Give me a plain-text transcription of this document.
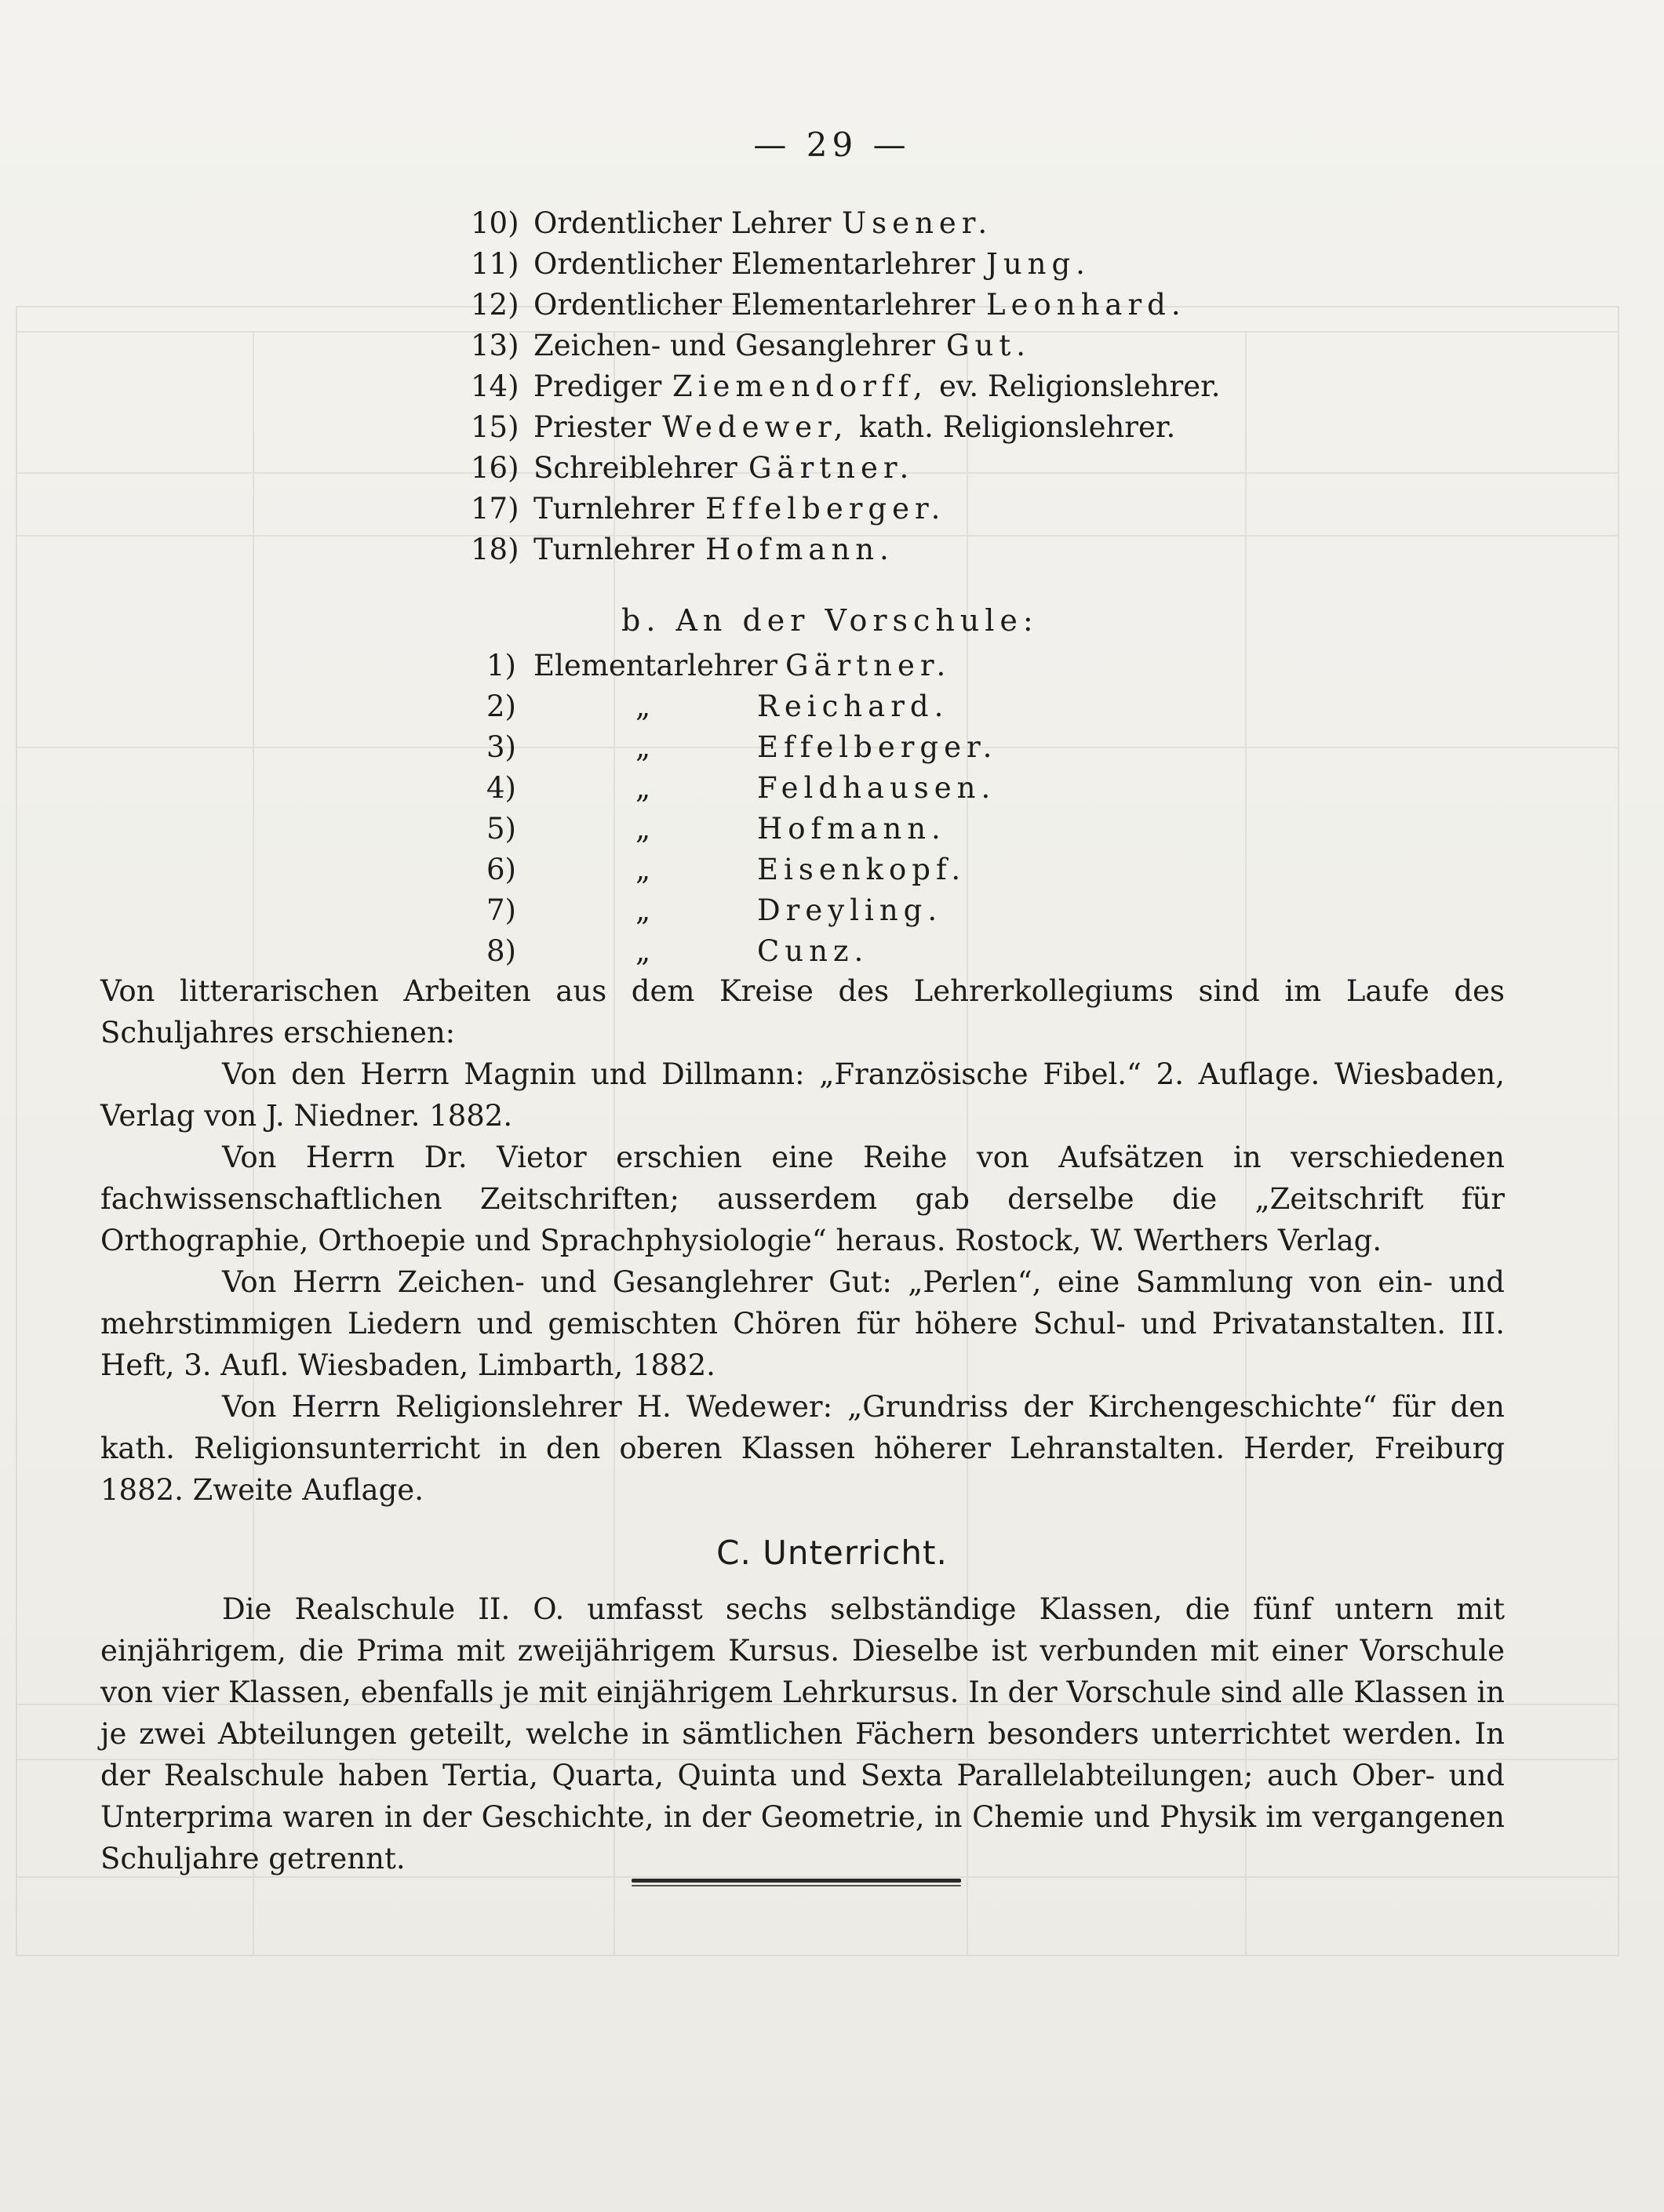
— 29 —
10) Ordentlicher Lehrer Usener.
11) Ordentlicher Elementarlehrer Jung.
12) Ordentlicher Elementarlehrer Leonhard.
13) Zeichen- und Gesanglehrer Gut.
14) Prediger Ziemendorff, ev. Religionslehrer.
15) Priester Wedewer, kath. Religionslehrer.
16) Schreiblehrer Gärtner.
17) Turnlehrer Effelberger.
18) Turnlehrer Hofmann.
b. An der Vorschule:
1) Elementarlehrer Gärtner.
2)	„	Reichard.
3)	„	Effelberger.
4)	„	Feldhausen.
5)	„	Hofmann.
6)	„	Eisenkopf.
7)	„	Dreyling.
8)	„	Cunz.

Von litterarischen Arbeiten aus dem Kreise des Lehrerkollegiums sind im Laufe des Schuljahres erschienen:

Von den Herrn Magnin und Dillmann: „Französische Fibel.“ 2. Auflage. Wiesbaden, Verlag von J. Niedner. 1882.

Von Herrn Dr. Vietor erschien eine Reihe von Aufsätzen in verschiedenen fachwissenschaftlichen Zeitschriften; ausserdem gab derselbe die „Zeitschrift für Orthographie, Orthoepie und Sprachphysiologie“ heraus. Rostock, W. Werthers Verlag.

Von Herrn Zeichen- und Gesanglehrer Gut: „Perlen“, eine Sammlung von ein- und mehrstimmigen Liedern und gemischten Chören für höhere Schul- und Privatanstalten. III. Heft, 3. Aufl. Wiesbaden, Limbarth, 1882.

Von Herrn Religionslehrer H. Wedewer: „Grundriss der Kirchengeschichte“ für den kath. Religionsunterricht in den oberen Klassen höherer Lehranstalten. Herder, Freiburg 1882. Zweite Auflage.

C. Unterricht.

Die Realschule II. O. umfasst sechs selbständige Klassen, die fünf untern mit einjährigem, die Prima mit zweijährigem Kursus. Dieselbe ist verbunden mit einer Vorschule von vier Klassen, ebenfalls je mit einjährigem Lehrkursus. In der Vorschule sind alle Klassen in je zwei Abteilungen geteilt, welche in sämtlichen Fächern besonders unterrichtet werden. In der Realschule haben Tertia, Quarta, Quinta und Sexta Parallelabteilungen; auch Ober- und Unterprima waren in der Geschichte, in der Geometrie, in Chemie und Physik im vergangenen Schuljahre getrennt.
